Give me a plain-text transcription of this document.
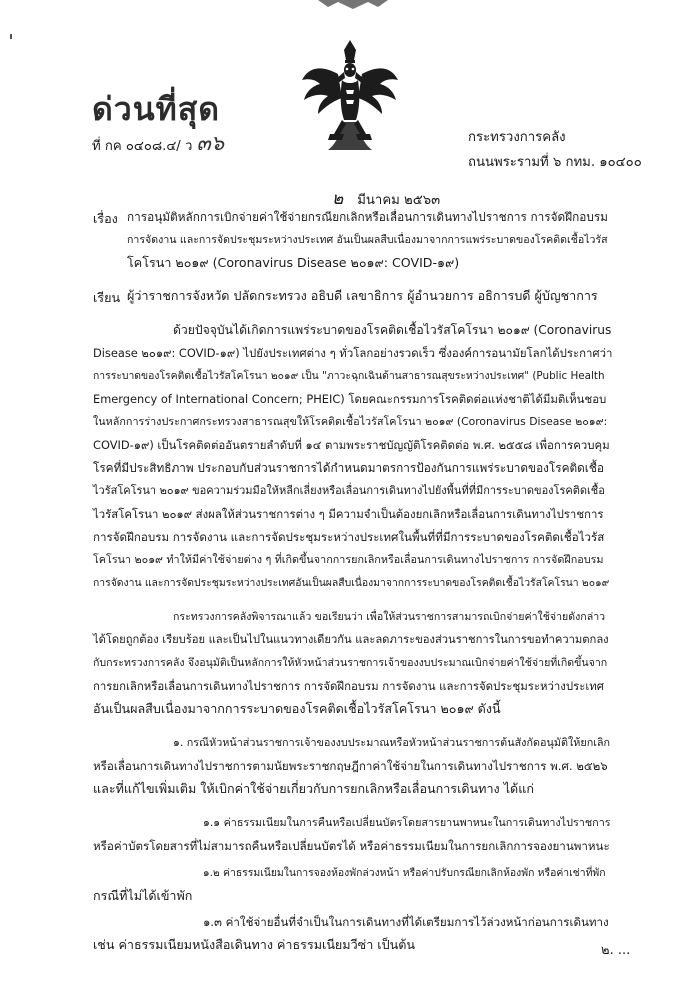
ด่วนที่สุด
ที่ กค ๐๔๐๘.๔/ ว ๓๖	กระทรวงการคลัง
ถนนพระรามที่ ๖ กทม. ๑๐๔๐๐
๒ มีนาคม ๒๕๖๓
เรื่อง การอนุมัติหลักการเบิกจ่ายค่าใช้จ่ายกรณียกเลิกหรือเลื่อนการเดินทางไปราชการ การจัดฝึกอบรม
การจัดงาน และการจัดประชุมระหว่างประเทศ อันเป็นผลสืบเนื่องมาจากการแพร่ระบาดของโรคติดเชื้อไวรัส
โคโรนา ๒๐๑๙ (Coronavirus Disease ๒๐๑๙: COVID-๑๙)
เรียน ผู้ว่าราชการจังหวัด ปลัดกระทรวง อธิบดี เลขาธิการ ผู้อำนวยการ อธิการบดี ผู้บัญชาการ
ด้วยปัจจุบันได้เกิดการแพร่ระบาดของโรคติดเชื้อไวรัสโคโรนา ๒๐๑๙ (Coronavirus
Disease ๒๐๑๙: COVID-๑๙) ไปยังประเทศต่าง ๆ ทั่วโลกอย่างรวดเร็ว ซึ่งองค์การอนามัยโลกได้ประกาศว่า
การระบาดของโรคติดเชื้อไวรัสโคโรนา ๒๐๑๙ เป็น "ภาวะฉุกเฉินด้านสาธารณสุขระหว่างประเทศ" (Public Health
Emergency of International Concern; PHEIC) โดยคณะกรรมการโรคติดต่อแห่งชาติได้มีมติเห็นชอบ
ในหลักการร่างประกาศกระทรวงสาธารณสุขให้โรคติดเชื้อไวรัสโคโรนา ๒๐๑๙ (Coronavirus Disease ๒๐๑๙:
COVID-๑๙) เป็นโรคติดต่ออันตรายลำดับที่ ๑๔ ตามพระราชบัญญัติโรคติดต่อ พ.ศ. ๒๕๕๘ เพื่อการควบคุม
โรคที่มีประสิทธิภาพ ประกอบกับส่วนราชการได้กำหนดมาตรการป้องกันการแพร่ระบาดของโรคติดเชื้อ
ไวรัสโคโรนา ๒๐๑๙ ขอความร่วมมือให้หลีกเลี่ยงหรือเลื่อนการเดินทางไปยังพื้นที่ที่มีการระบาดของโรคติดเชื้อ
ไวรัสโคโรนา ๒๐๑๙ ส่งผลให้ส่วนราชการต่าง ๆ มีความจำเป็นต้องยกเลิกหรือเลื่อนการเดินทางไปราชการ
การจัดฝึกอบรม การจัดงาน และการจัดประชุมระหว่างประเทศในพื้นที่ที่มีการระบาดของโรคติดเชื้อไวรัส
โคโรนา ๒๐๑๙ ทำให้มีค่าใช้จ่ายต่าง ๆ ที่เกิดขึ้นจากการยกเลิกหรือเลื่อนการเดินทางไปราชการ การจัดฝึกอบรม
การจัดงาน และการจัดประชุมระหว่างประเทศอันเป็นผลสืบเนื่องมาจากการระบาดของโรคติดเชื้อไวรัสโคโรนา ๒๐๑๙
กระทรวงการคลังพิจารณาแล้ว ขอเรียนว่า เพื่อให้ส่วนราชการสามารถเบิกจ่ายค่าใช้จ่ายดังกล่าว
ได้โดยถูกต้อง เรียบร้อย และเป็นไปในแนวทางเดียวกัน และลดภาระของส่วนราชการในการขอทำความตกลง
กับกระทรวงการคลัง จึงอนุมัติเป็นหลักการให้หัวหน้าส่วนราชการเจ้าของงบประมาณเบิกจ่ายค่าใช้จ่ายที่เกิดขึ้นจาก
การยกเลิกหรือเลื่อนการเดินทางไปราชการ การจัดฝึกอบรม การจัดงาน และการจัดประชุมระหว่างประเทศ
อันเป็นผลสืบเนื่องมาจากการระบาดของโรคติดเชื้อไวรัสโคโรนา ๒๐๑๙ ดังนี้
๑. กรณีหัวหน้าส่วนราชการเจ้าของงบประมาณหรือหัวหน้าส่วนราชการต้นสังกัดอนุมัติให้ยกเลิก
หรือเลื่อนการเดินทางไปราชการตามนัยพระราชกฤษฎีกาค่าใช้จ่ายในการเดินทางไปราชการ พ.ศ. ๒๕๒๖
และที่แก้ไขเพิ่มเติม ให้เบิกค่าใช้จ่ายเกี่ยวกับการยกเลิกหรือเลื่อนการเดินทาง ได้แก่
๑.๑ ค่าธรรมเนียมในการคืนหรือเปลี่ยนบัตรโดยสารยานพาหนะในการเดินทางไปราชการ
หรือค่าบัตรโดยสารที่ไม่สามารถคืนหรือเปลี่ยนบัตรได้ หรือค่าธรรมเนียมในการยกเลิกการจองยานพาหนะ
๑.๒ ค่าธรรมเนียมในการจองห้องพักล่วงหน้า หรือค่าปรับกรณียกเลิกห้องพัก หรือค่าเช่าที่พัก
กรณีที่ไม่ได้เข้าพัก
๑.๓ ค่าใช้จ่ายอื่นที่จำเป็นในการเดินทางที่ได้เตรียมการไว้ล่วงหน้าก่อนการเดินทาง
เช่น ค่าธรรมเนียมหนังสือเดินทาง ค่าธรรมเนียมวีซ่า เป็นต้น	๒. ...
